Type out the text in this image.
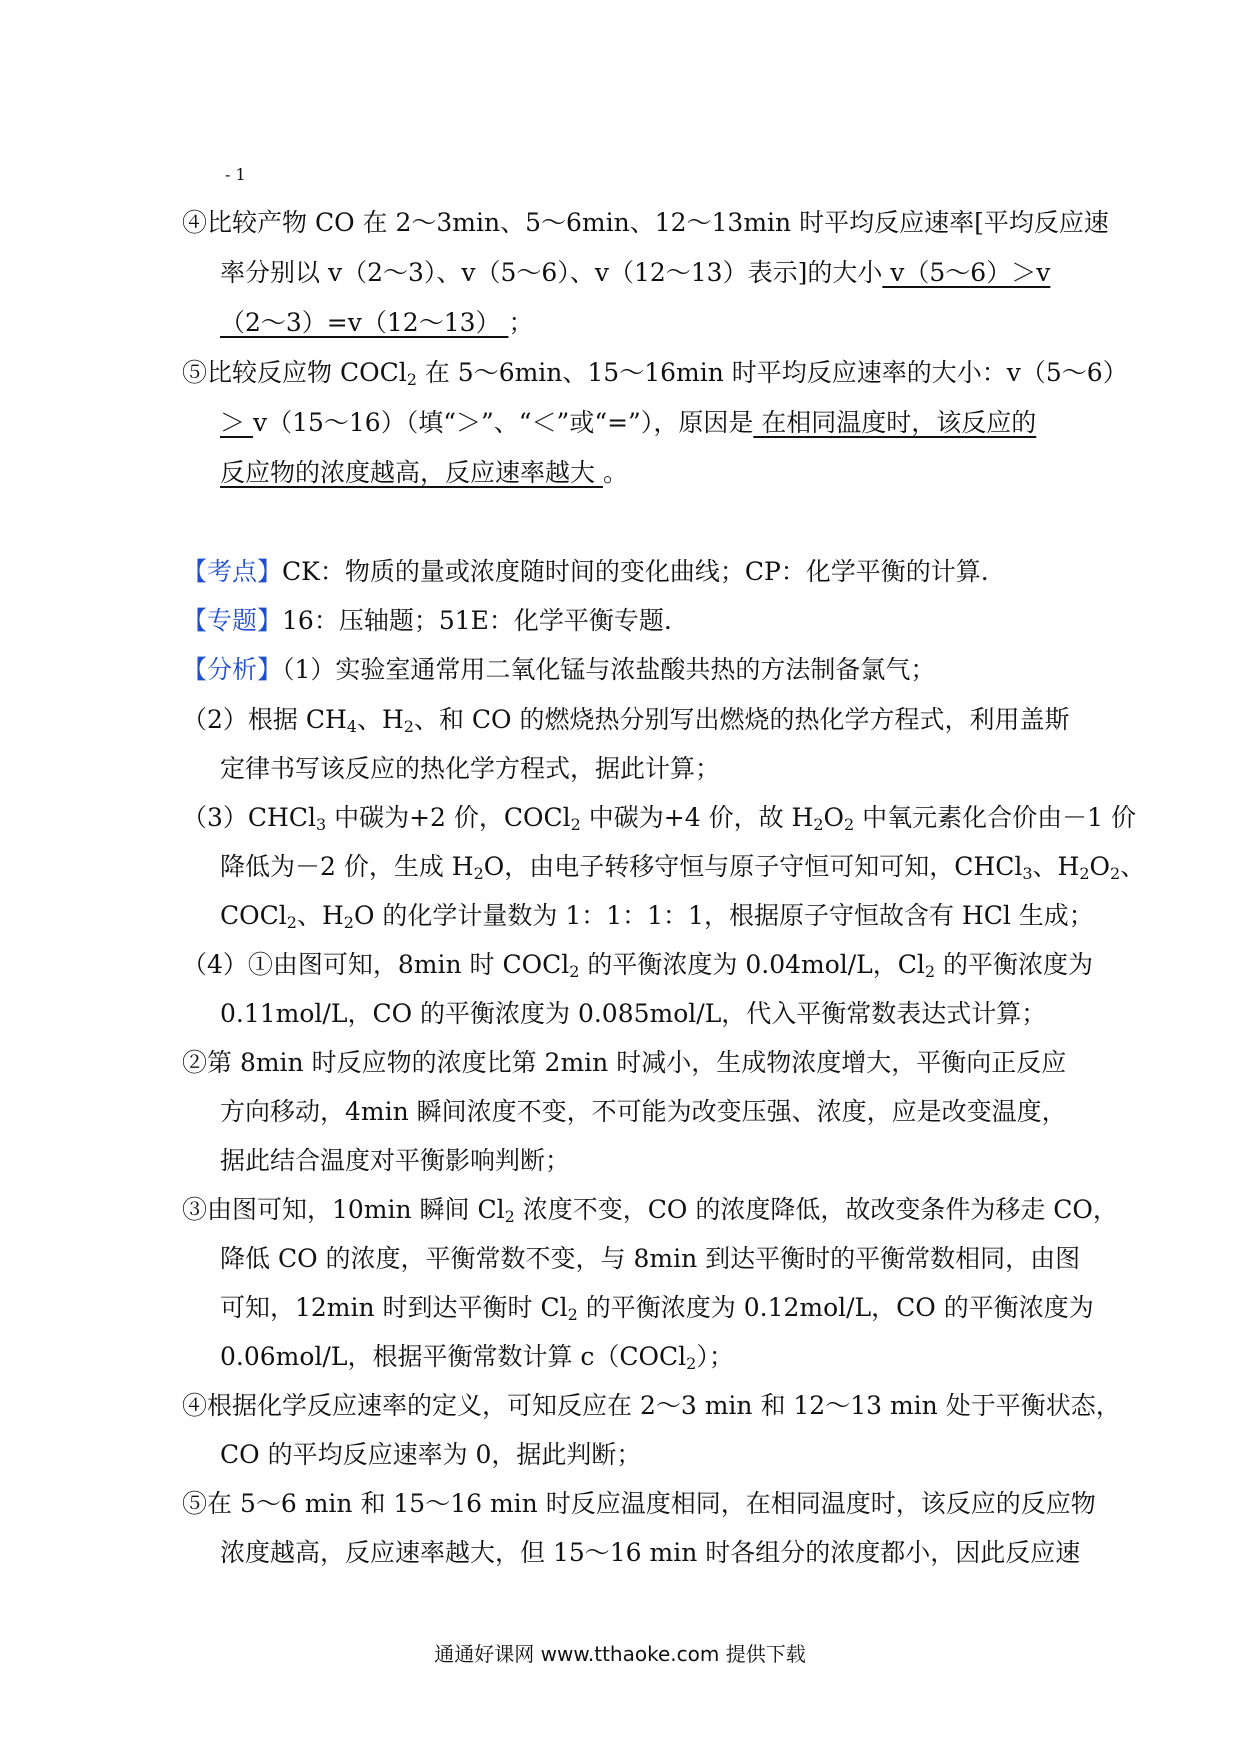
- 1
④比较产物 CO 在 2～3min、5～6min、12～13min 时平均反应速率[平均反应速
率分别以 v（2～3）、v（5～6）、v（12～13）表示]的大小 v（5～6）＞v
（2～3）=v（12～13） ；
⑤比较反应物 COCl$_2$ 在 5～6min、15～16min 时平均反应速率的大小：v（5～6）
＞ v（15～16）（填“＞”、“＜”或“=”），原因是 在相同温度时，该反应的
反应物的浓度越高，反应速率越大 。
【考点】CK：物质的量或浓度随时间的变化曲线；CP：化学平衡的计算.
【专题】16：压轴题；51E：化学平衡专题.
【分析】（1）实验室通常用二氧化锰与浓盐酸共热的方法制备氯气；
（2）根据 $CH_4$、$H_2$、和 CO 的燃烧热分别写出燃烧的热化学方程式，利用盖斯
定律书写该反应的热化学方程式，据此计算；
（3）CHCl$_3$ 中碳为+2 价，COCl$_2$ 中碳为+4 价，故 $H_2O_2$ 中氧元素化合价由－1 价
降低为－2 价，生成 $H_2O$，由电子转移守恒与原子守恒可知可知，CHCl$_3$、$H_2O_2$、
COCl$_2$、$H_2O$ 的化学计量数为 1：1：1：1，根据原子守恒故含有 HCl 生成；
（4）①由图可知，8min 时 COCl$_2$ 的平衡浓度为 0.04mol/L，$Cl_2$ 的平衡浓度为
0.11mol/L，CO 的平衡浓度为 0.085mol/L，代入平衡常数表达式计算；
②第 8min 时反应物的浓度比第 2min 时减小，生成物浓度增大，平衡向正反应
方向移动，4min 瞬间浓度不变，不可能为改变压强、浓度，应是改变温度，
据此结合温度对平衡影响判断；
③由图可知，10min 瞬间 $Cl_2$ 浓度不变，CO 的浓度降低，故改变条件为移走 CO，
降低 CO 的浓度，平衡常数不变，与 8min 到达平衡时的平衡常数相同，由图
可知，12min 时到达平衡时 $Cl_2$ 的平衡浓度为 0.12mol/L，CO 的平衡浓度为
0.06mol/L，根据平衡常数计算 c（COCl$_2$）；
④根据化学反应速率的定义，可知反应在 2～3 min 和 12～13 min 处于平衡状态，
CO 的平均反应速率为 0，据此判断；
⑤在 5～6 min 和 15～16 min 时反应温度相同，在相同温度时，该反应的反应物
浓度越高，反应速率越大，但 15～16 min 时各组分的浓度都小，因此反应速
通通好课网 www.tthaoke.com 提供下载
